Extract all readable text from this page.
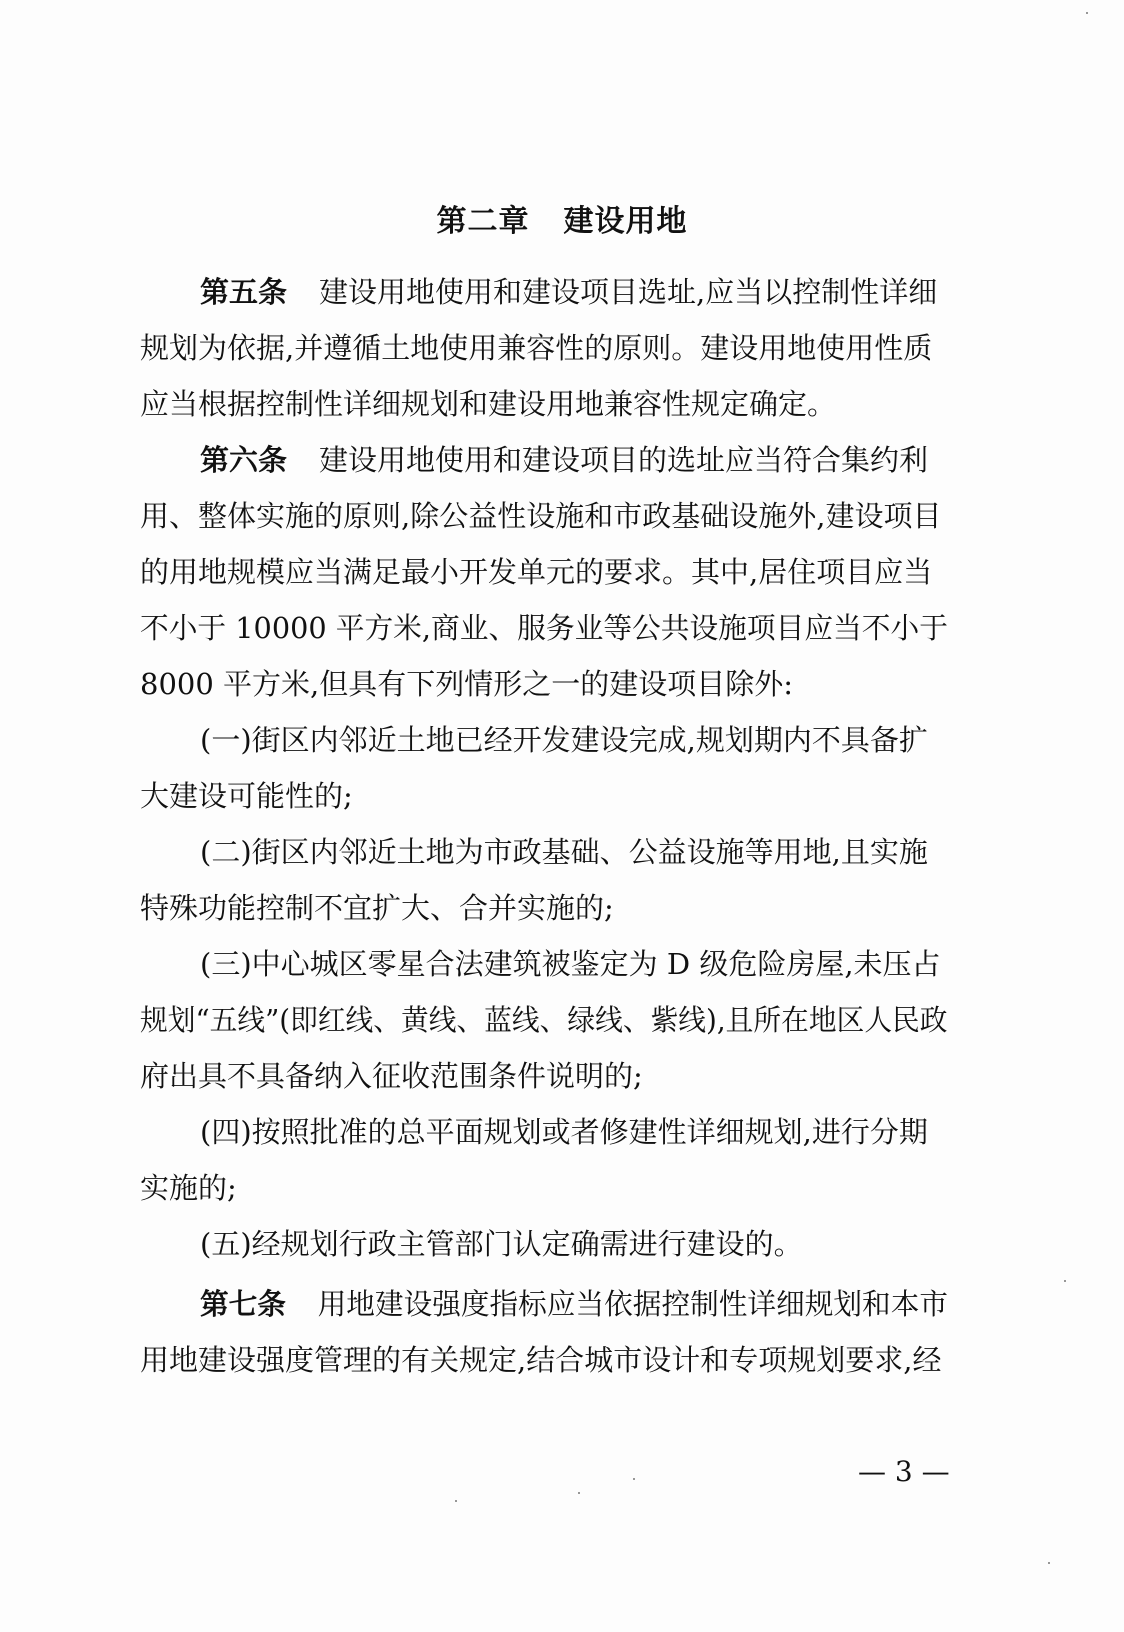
第二章 建设用地
第五条 建设用地使用和建设项目选址,应当以控制性详细
规划为依据,并遵循土地使用兼容性的原则。建设用地使用性质
应当根据控制性详细规划和建设用地兼容性规定确定。
第六条 建设用地使用和建设项目的选址应当符合集约利
用、整体实施的原则,除公益性设施和市政基础设施外,建设项目
的用地规模应当满足最小开发单元的要求。其中,居住项目应当
不小于 10000 平方米,商业、服务业等公共设施项目应当不小于
8000 平方米,但具有下列情形之一的建设项目除外:
(一)街区内邻近土地已经开发建设完成,规划期内不具备扩
大建设可能性的;
(二)街区内邻近土地为市政基础、公益设施等用地,且实施
特殊功能控制不宜扩大、合并实施的;
(三)中心城区零星合法建筑被鉴定为 D 级危险房屋,未压占
规划“五线”(即红线、黄线、蓝线、绿线、紫线),且所在地区人民政
府出具不具备纳入征收范围条件说明的;
(四)按照批准的总平面规划或者修建性详细规划,进行分期
实施的;
(五)经规划行政主管部门认定确需进行建设的。
第七条 用地建设强度指标应当依据控制性详细规划和本市
用地建设强度管理的有关规定,结合城市设计和专项规划要求,经
— 3 —
